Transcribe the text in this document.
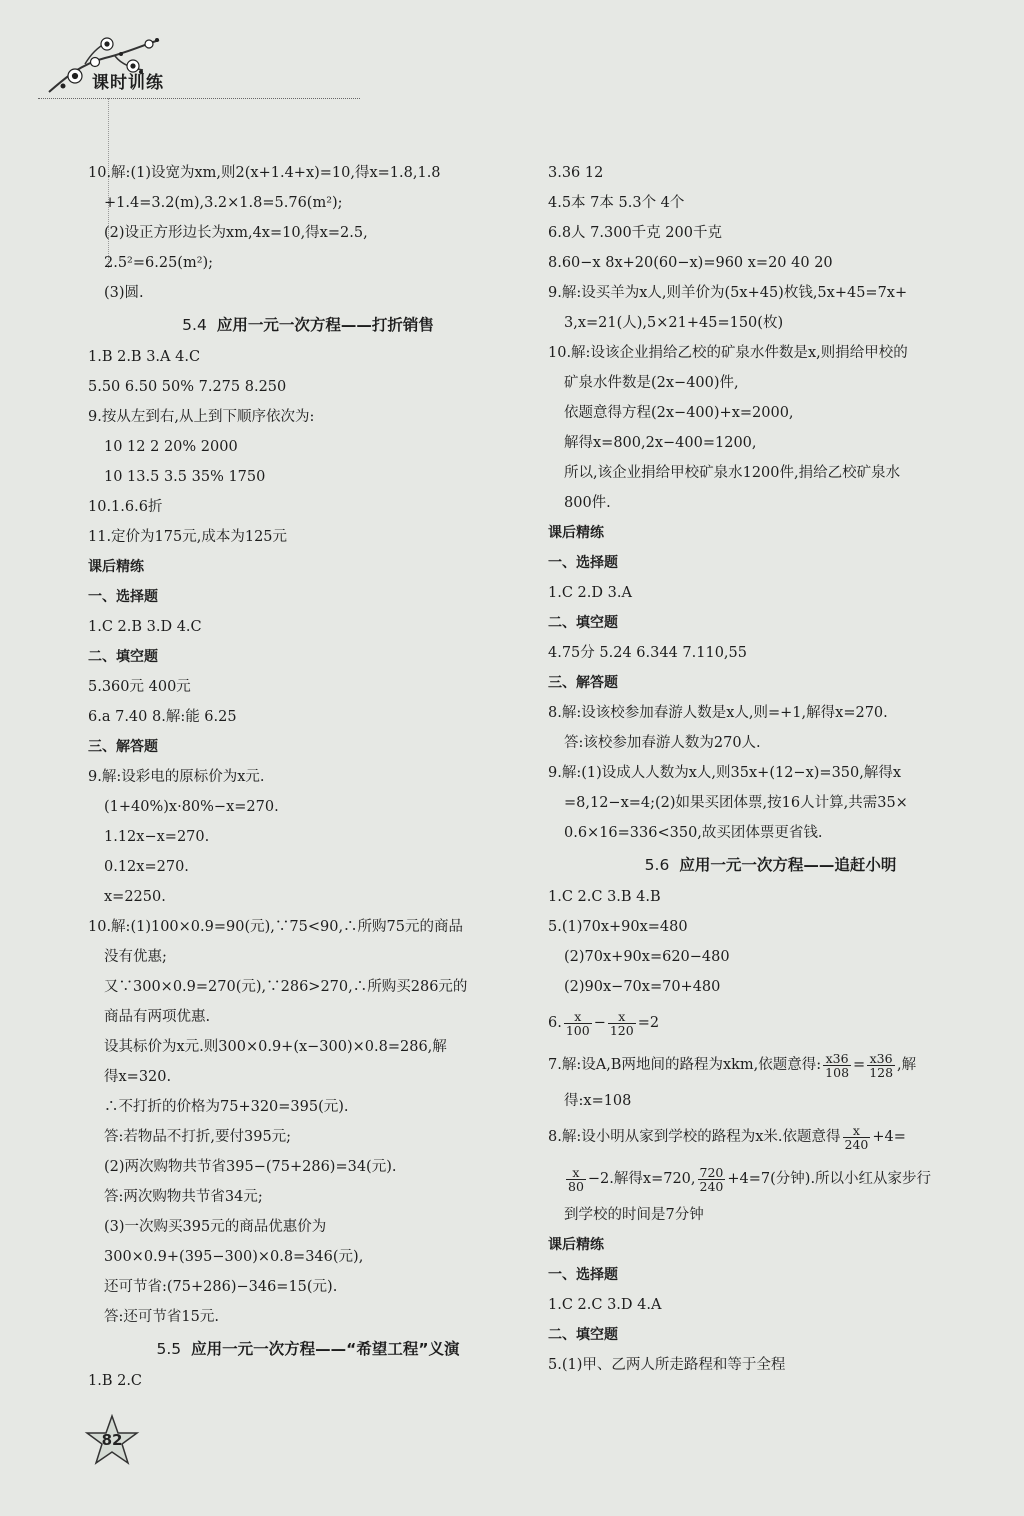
课时训练
10.解:(1)设宽为xm,则2(x+1.4+x)=10,得x=1.8,1.8
+1.4=3.2(m),3.2×1.8=5.76(m²);
(2)设正方形边长为xm,4x=10,得x=2.5,
2.5²=6.25(m²);
(3)圆.
5.4 应用一元一次方程——打折销售
1.B 2.B 3.A 4.C
5.50 6.50 50% 7.275 8.250
9.按从左到右,从上到下顺序依次为:
10 12 2 20% 2000
10 13.5 3.5 35% 1750
10.1.6.6折
11.定价为175元,成本为125元
课后精练
一、选择题
1.C 2.B 3.D 4.C
二、填空题
5.360元 400元
6.a 7.40 8.解:能 6.25
三、解答题
9.解:设彩电的原标价为x元.
(1+40%)x·80%−x=270.
1.12x−x=270.
0.12x=270.
x=2250.
10.解:(1)100×0.9=90(元),∵75<90,∴所购75元的商品
没有优惠;
又∵300×0.9=270(元),∵286>270,∴所购买286元的
商品有两项优惠.
设其标价为x元.则300×0.9+(x−300)×0.8=286,解
得x=320.
∴不打折的价格为75+320=395(元).
答:若物品不打折,要付395元;
(2)两次购物共节省395−(75+286)=34(元).
答:两次购物共节省34元;
(3)一次购买395元的商品优惠价为
300×0.9+(395−300)×0.8=346(元),
还可节省:(75+286)−346=15(元).
答:还可节省15元.
5.5 应用一元一次方程——“希望工程”义演
1.B 2.C
3.36 12
4.5本 7本 5.3个 4个
6.8人 7.300千克 200千克
8.60−x 8x+20(60−x)=960 x=20 40 20
9.解:设买羊为x人,则羊价为(5x+45)枚钱,5x+45=7x+
3,x=21(人),5×21+45=150(枚)
10.解:设该企业捐给乙校的矿泉水件数是x,则捐给甲校的
矿泉水件数是(2x−400)件,
依题意得方程(2x−400)+x=2000,
解得x=800,2x−400=1200,
所以,该企业捐给甲校矿泉水1200件,捐给乙校矿泉水
800件.
课后精练
一、选择题
1.C 2.D 3.A
二、填空题
4.75分 5.24 6.344 7.110,55
三、解答题
8.解:设该校参加春游人数是x人,则=+1,解得x=270.
答:该校参加春游人数为270人.
9.解:(1)设成人人数为x人,则35x+(12−x)=350,解得x
=8,12−x=4;(2)如果买团体票,按16人计算,共需35×
0.6×16=336<350,故买团体票更省钱.
5.6 应用一元一次方程——追赶小明
1.C 2.C 3.B 4.B
5.(1)70x+90x=480
(2)70x+90x=620−480
(2)90x−70x=70+480
6. $\frac{x}{100} - \frac{x}{120} =2$
7.解:设A,B两地间的路程为xkm,依题意得: $\frac{x36}{108} = \frac{x36}{128}$ ,解
得:x=108
8.解:设小明从家到学校的路程为x米.依题意得 $\frac{x}{240} +4=$
$\frac{x}{80} -2$.解得x=720, $\frac{720}{240} +4=7$(分钟).所以小红从家步行
到学校的时间是7分钟
课后精练
一、选择题
1.C 2.C 3.D 4.A
二、填空题
5.(1)甲、乙两人所走路程和等于全程
82
